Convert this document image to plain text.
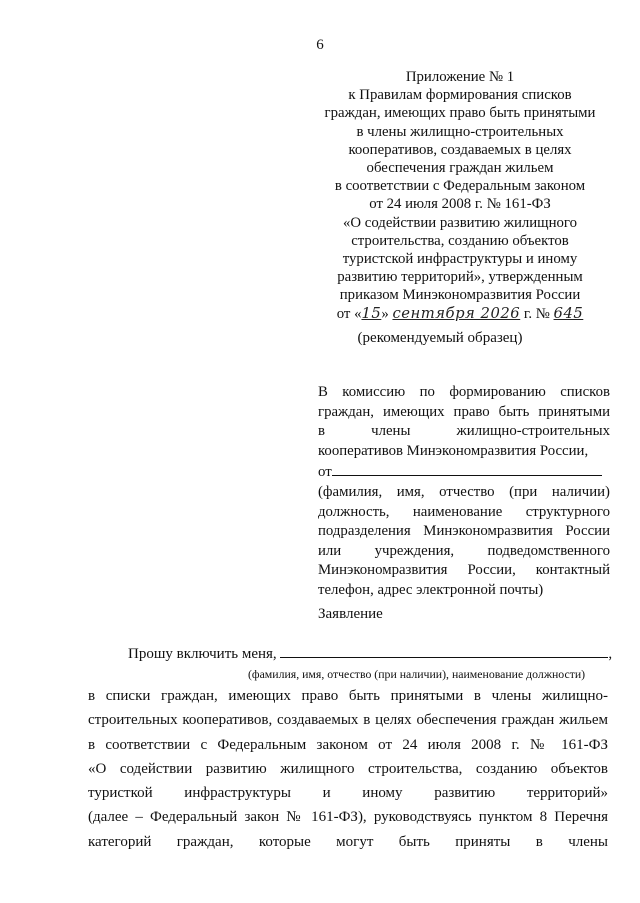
6
Приложение № 1
к Правилам формирования списков
граждан, имеющих право быть принятыми
в члены жилищно-строительных
кооперативов, создаваемых в целях
обеспечения граждан жильем
в соответствии с Федеральным законом
от 24 июля 2008 г. № 161-ФЗ
«О содействии развитию жилищного
строительства, созданию объектов
туристской инфраструктуры и иному
развитию территорий», утвержденным
приказом Минэкономразвития России
от «15» сентября 2026 г. № 645
(рекомендуемый образец)
В комиссию по формированию списков
граждан, имеющих право быть принятыми
в члены жилищно-строительных
кооперативов Минэкономразвития России,
от
(фамилия, имя, отчество (при наличии)
должность, наименование структурного
подразделения Минэкономразвития России
или учреждения, подведомственного
Минэкономразвития России, контактный
телефон, адрес электронной почты)
Заявление
Прошу включить меня,	,
(фамилия, имя, отчество (при наличии), наименование должности)
в списки граждан, имеющих право быть принятыми в члены жилищно-
строительных кооперативов, создаваемых в целях обеспечения граждан жильем
в соответствии с Федеральным законом от 24 июля 2008 г. № 161-ФЗ
«О содействии развитию жилищного строительства, созданию объектов
туристкой инфраструктуры и иному развитию территорий»
(далее – Федеральный закон № 161-ФЗ), руководствуясь пунктом 8 Перечня
категорий граждан, которые могут быть приняты в члены
